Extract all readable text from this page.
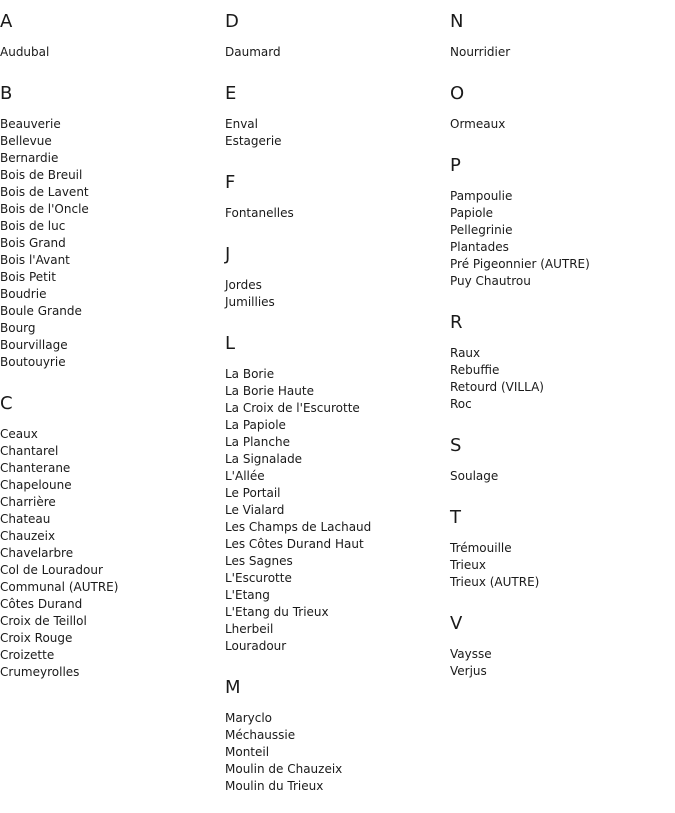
A
Audubal
B
Beauverie
Bellevue
Bernardie
Bois de Breuil
Bois de Lavent
Bois de l'Oncle
Bois de luc
Bois Grand
Bois l'Avant
Bois Petit
Boudrie
Boule Grande
Bourg
Bourvillage
Boutouyrie
C
Ceaux
Chantarel
Chanterane
Chapeloune
Charrière
Chateau
Chauzeix
Chavelarbre
Col de Louradour
Communal (AUTRE)
Côtes Durand
Croix de Teillol
Croix Rouge
Croizette
Crumeyrolles
D
Daumard
E
Enval
Estagerie
F
Fontanelles
J
Jordes
Jumillies
L
La Borie
La Borie Haute
La Croix de l'Escurotte
La Papiole
La Planche
La Signalade
L'Allée
Le Portail
Le Vialard
Les Champs de Lachaud
Les Côtes Durand Haut
Les Sagnes
L'Escurotte
L'Etang
L'Etang du Trieux
Lherbeil
Louradour
M
Maryclo
Méchaussie
Monteil
Moulin de Chauzeix
Moulin du Trieux
N
Nourridier
O
Ormeaux
P
Pampoulie
Papiole
Pellegrinie
Plantades
Pré Pigeonnier (AUTRE)
Puy Chautrou
R
Raux
Rebuffie
Retourd (VILLA)
Roc
S
Soulage
T
Trémouille
Trieux
Trieux (AUTRE)
V
Vaysse
Verjus
